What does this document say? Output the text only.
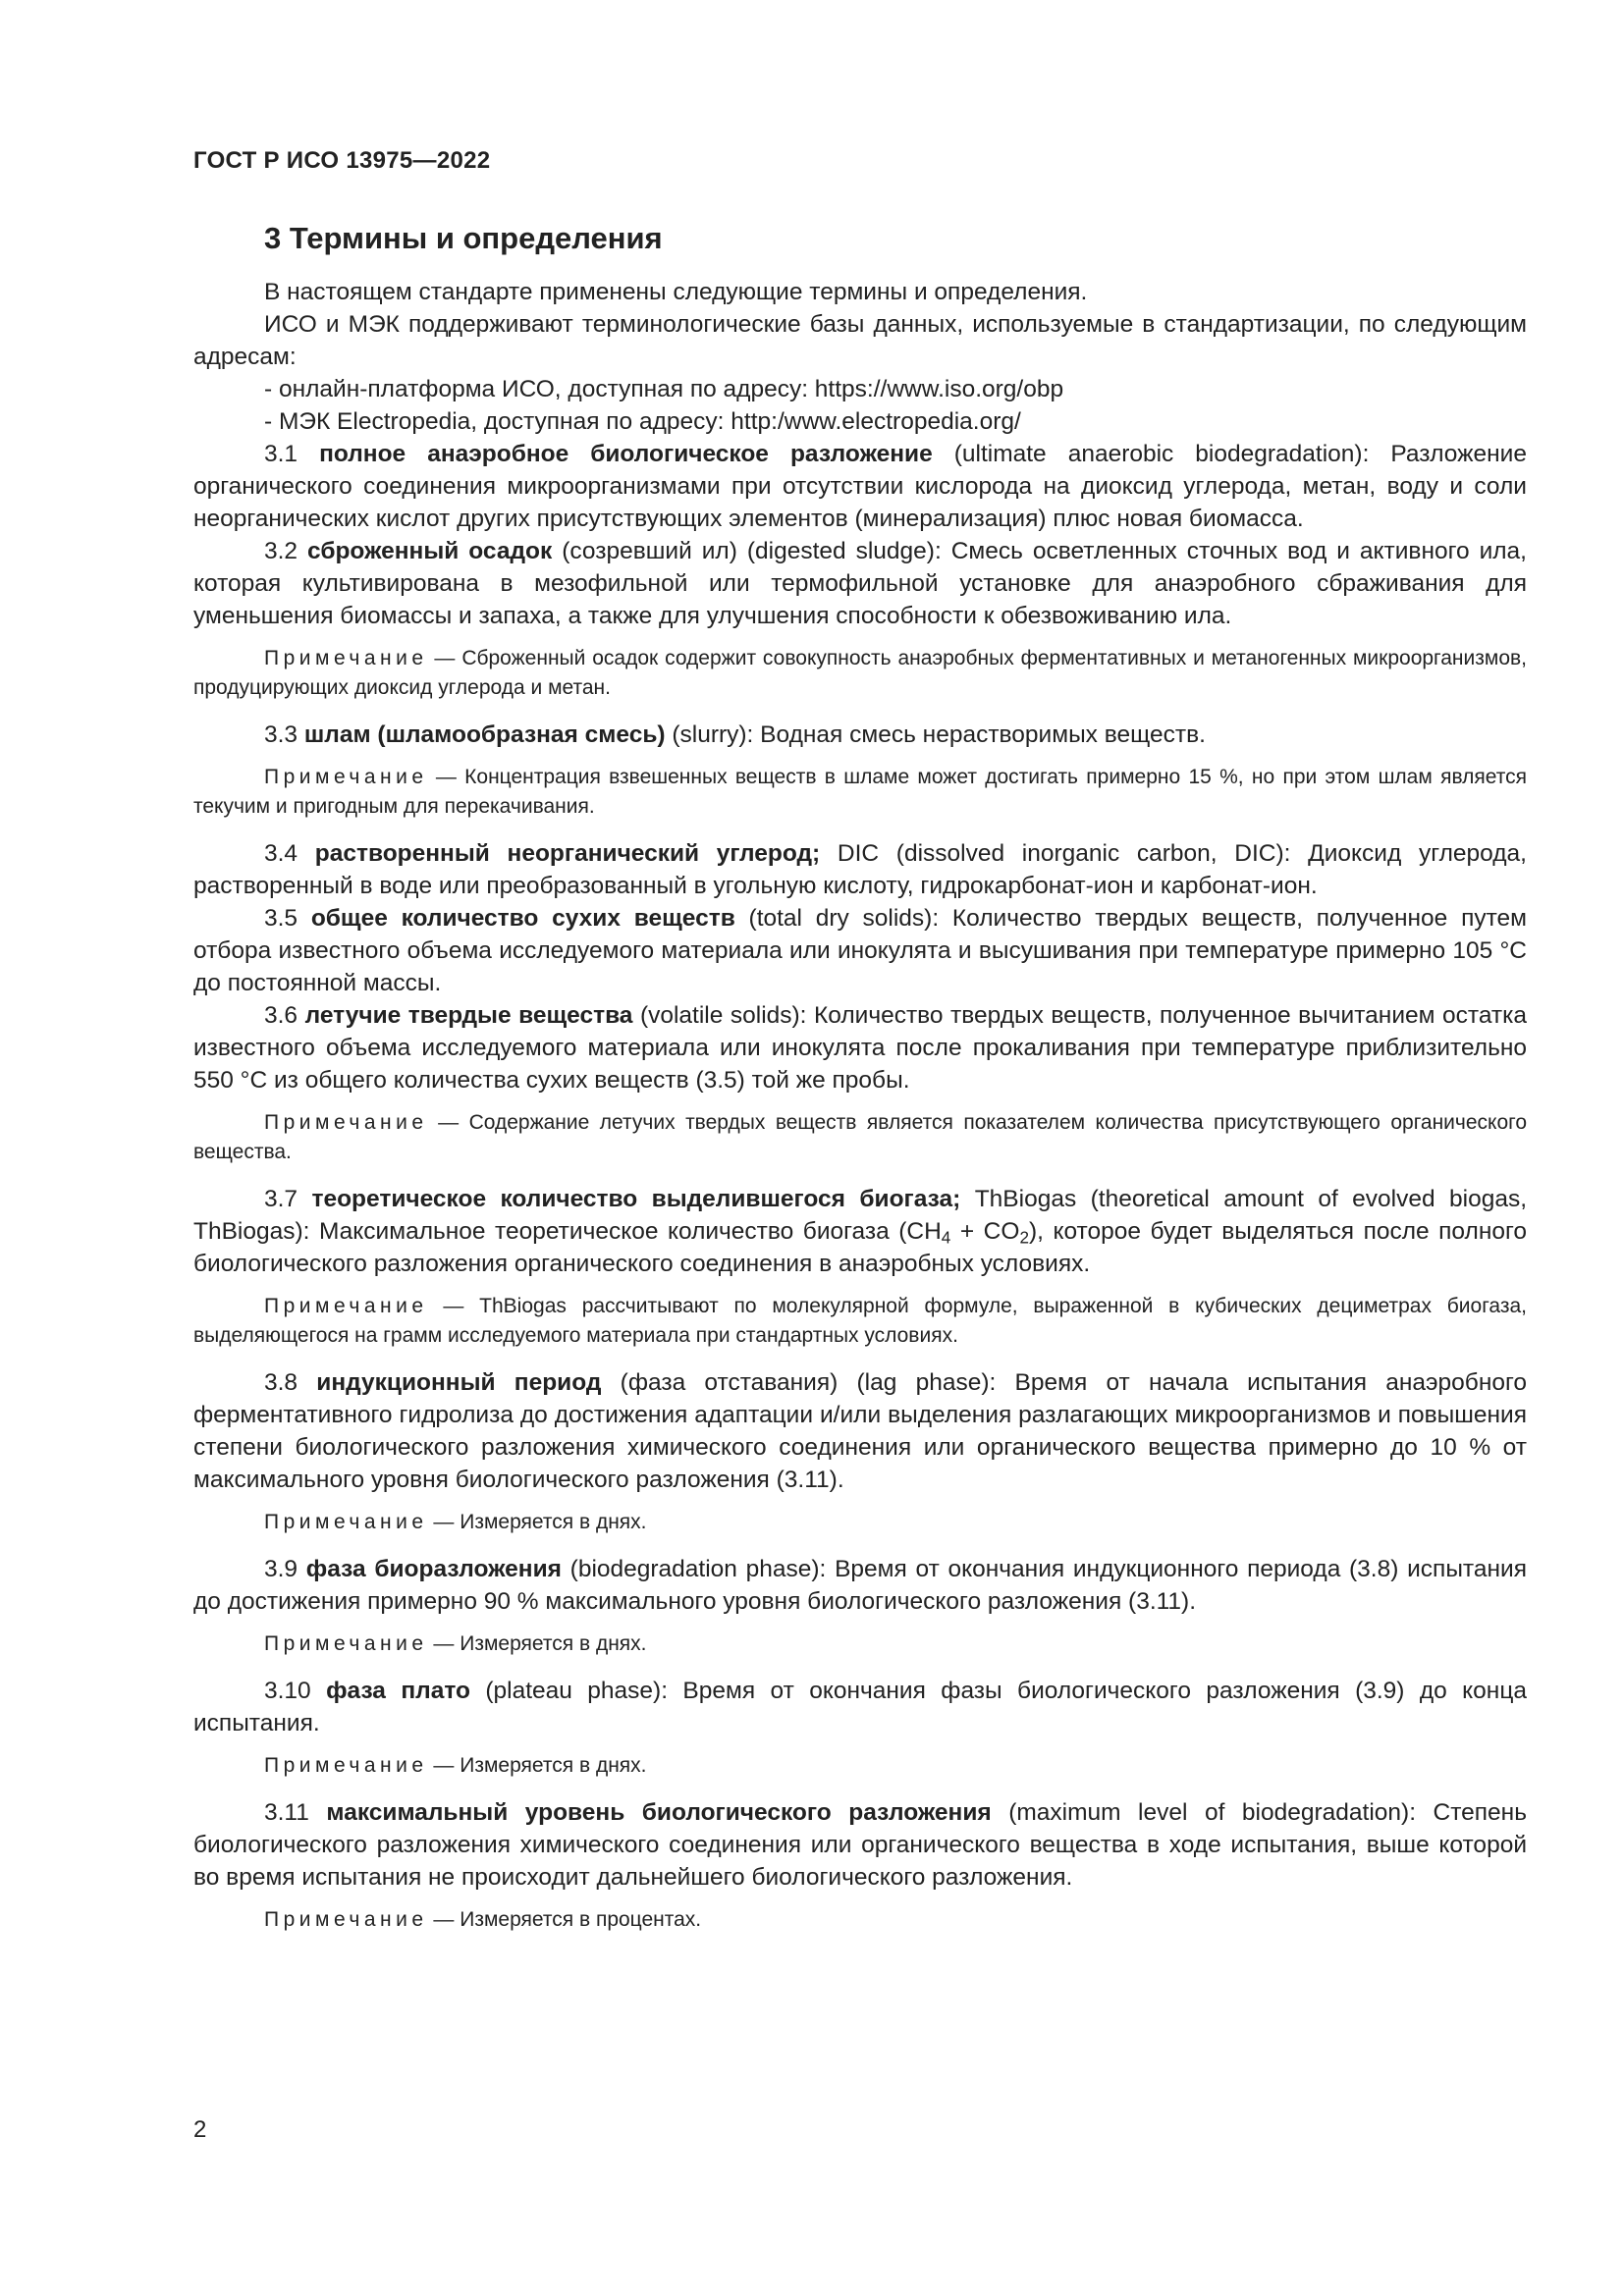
ГОСТ Р ИСО 13975—2022
3 Термины и определения

В настоящем стандарте применены следующие термины и определения.

ИСО и МЭК поддерживают терминологические базы данных, используемые в стандартизации, по следующим адресам:

- онлайн-платформа ИСО, доступная по адресу: https://www.iso.org/obp

- МЭК Electropedia, доступная по адресу: http:/www.electropedia.org/

3.1 полное анаэробное биологическое разложение (ultimate anaerobic biodegradation): Разложение органического соединения микроорганизмами при отсутствии кислорода на диоксид углерода, метан, воду и соли неорганических кислот других присутствующих элементов (минерализация) плюс новая биомасса.

3.2 сброженный осадок (созревший ил) (digested sludge): Смесь осветленных сточных вод и активного ила, которая культивирована в мезофильной или термофильной установке для анаэробного сбраживания для уменьшения биомассы и запаха, а также для улучшения способности к обезвоживанию ила.

Примечание — Сброженный осадок содержит совокупность анаэробных ферментативных и метаногенных микроорганизмов, продуцирующих диоксид углерода и метан.

3.3 шлам (шламообразная смесь) (slurry): Водная смесь нерастворимых веществ.

Примечание — Концентрация взвешенных веществ в шламе может достигать примерно 15 %, но при этом шлам является текучим и пригодным для перекачивания.

3.4 растворенный неорганический углерод; DIC (dissolved inorganic carbon, DIC): Диоксид углерода, растворенный в воде или преобразованный в угольную кислоту, гидрокарбонат-ион и карбонат-ион.

3.5 общее количество сухих веществ (total dry solids): Количество твердых веществ, полученное путем отбора известного объема исследуемого материала или инокулята и высушивания при температуре примерно 105 °С до постоянной массы.

3.6 летучие твердые вещества (volatile solids): Количество твердых веществ, полученное вычитанием остатка известного объема исследуемого материала или инокулята после прокаливания при температуре приблизительно 550 °С из общего количества сухих веществ (3.5) той же пробы.

Примечание — Содержание летучих твердых веществ является показателем количества присутствующего органического вещества.

3.7 теоретическое количество выделившегося биогаза; ThBiogas (theoretical amount of evolved biogas, ThBiogas): Максимальное теоретическое количество биогаза $(CH_4 + CO_2)$, которое будет выделяться после полного биологического разложения органического соединения в анаэробных условиях.

Примечание — ThBiogas рассчитывают по молекулярной формуле, выраженной в кубических дециметрах биогаза, выделяющегося на грамм исследуемого материала при стандартных условиях.

3.8 индукционный период (фаза отставания) (lag phase): Время от начала испытания анаэробного ферментативного гидролиза до достижения адаптации и/или выделения разлагающих микроорганизмов и повышения степени биологического разложения химического соединения или органического вещества примерно до 10 % от максимального уровня биологического разложения (3.11).

Примечание — Измеряется в днях.

3.9 фаза биоразложения (biodegradation phase): Время от окончания индукционного периода (3.8) испытания до достижения примерно 90 % максимального уровня биологического разложения (3.11).

Примечание — Измеряется в днях.

3.10 фаза плато (plateau phase): Время от окончания фазы биологического разложения (3.9) до конца испытания.

Примечание — Измеряется в днях.

3.11 максимальный уровень биологического разложения (maximum level of biodegradation): Степень биологического разложения химического соединения или органического вещества в ходе испытания, выше которой во время испытания не происходит дальнейшего биологического разложения.

Примечание — Измеряется в процентах.

2
